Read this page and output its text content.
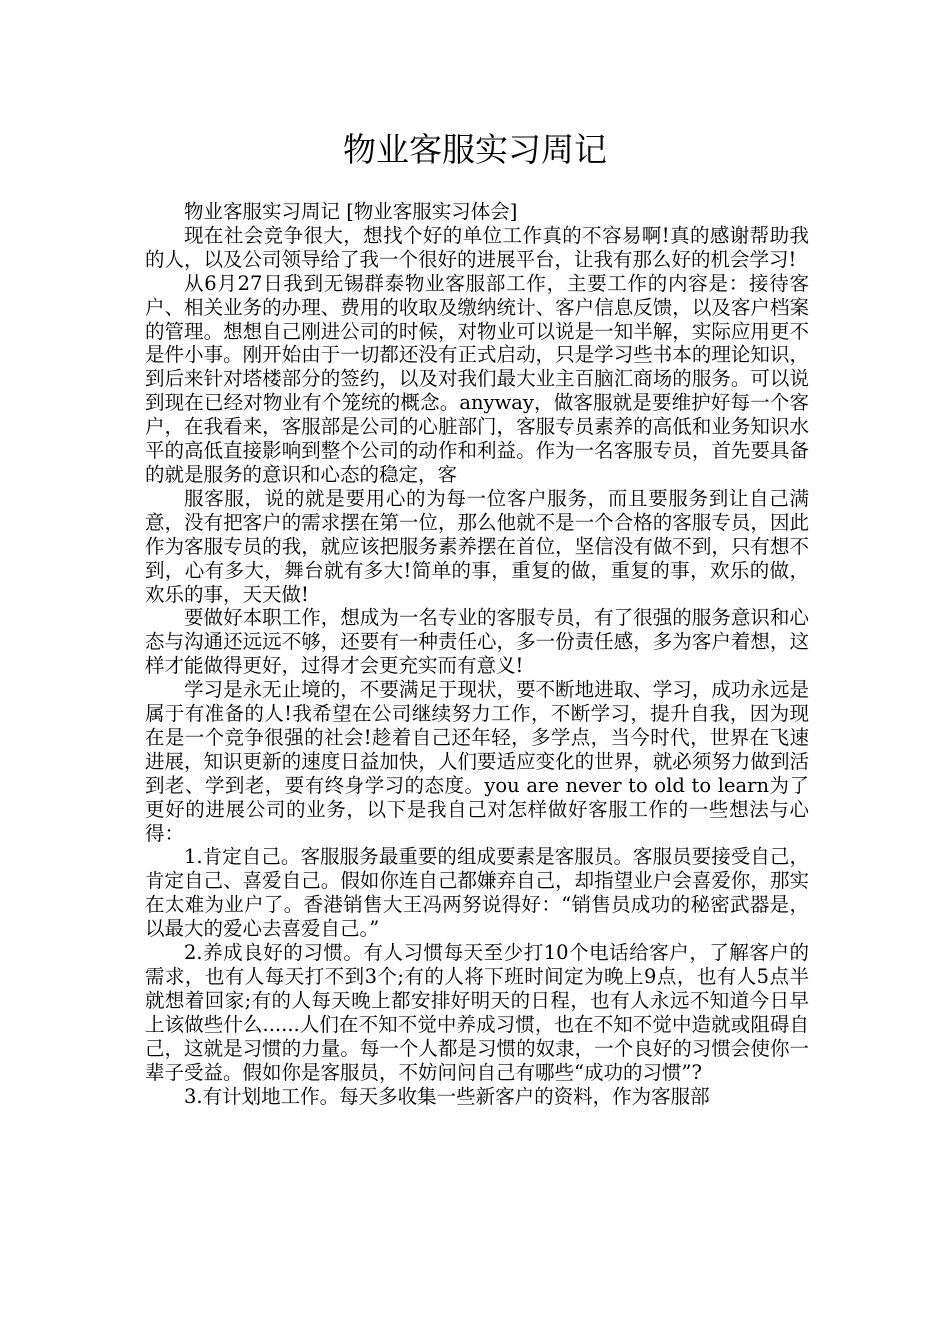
物业客服实习周记

物业客服实习周记 [物业客服实习体会]

现在社会竞争很大，想找个好的单位工作真的不容易啊!真的感谢帮助我的人，以及公司领导给了我一个很好的进展平台，让我有那么好的机会学习!

从6月27日我到无锡群泰物业客服部工作，主要工作的内容是：接待客户、相关业务的办理、费用的收取及缴纳统计、客户信息反馈，以及客户档案的管理。想想自己刚进公司的时候，对物业可以说是一知半解，实际应用更不是件小事。刚开始由于一切都还没有正式启动，只是学习些书本的理论知识，到后来针对塔楼部分的签约，以及对我们最大业主百脑汇商场的服务。可以说到现在已经对物业有个笼统的概念。anyway，做客服就是要维护好每一个客户，在我看来，客服部是公司的心脏部门，客服专员素养的高低和业务知识水平的高低直接影响到整个公司的动作和利益。作为一名客服专员，首先要具备的就是服务的意识和心态的稳定，客

服客服，说的就是要用心的为每一位客户服务，而且要服务到让自己满意，没有把客户的需求摆在第一位，那么他就不是一个合格的客服专员，因此作为客服专员的我，就应该把服务素养摆在首位，坚信没有做不到，只有想不到，心有多大，舞台就有多大!简单的事，重复的做，重复的事，欢乐的做，欢乐的事，天天做!

要做好本职工作，想成为一名专业的客服专员，有了很强的服务意识和心态与沟通还远远不够，还要有一种责任心，多一份责任感，多为客户着想，这样才能做得更好，过得才会更充实而有意义!

学习是永无止境的，不要满足于现状，要不断地进取、学习，成功永远是属于有准备的人!我希望在公司继续努力工作，不断学习，提升自我，因为现在是一个竞争很强的社会!趁着自己还年轻，多学点，当今时代，世界在飞速进展，知识更新的速度日益加快，人们要适应变化的世界，就必须努力做到活到老、学到老，要有终身学习的态度。you are never to old to learn为了更好的进展公司的业务，以下是我自己对怎样做好客服工作的一些想法与心得：

1.肯定自己。客服服务最重要的组成要素是客服员。客服员要接受自己，肯定自己、喜爱自己。假如你连自己都嫌弃自己，却指望业户会喜爱你，那实在太难为业户了。香港销售大王冯两努说得好：“销售员成功的秘密武器是，以最大的爱心去喜爱自己。”

2.养成良好的习惯。有人习惯每天至少打10个电话给客户，了解客户的需求，也有人每天打不到3个;有的人将下班时间定为晚上9点，也有人5点半就想着回家;有的人每天晚上都安排好明天的日程，也有人永远不知道今日早上该做些什么......人们在不知不觉中养成习惯，也在不知不觉中造就或阻碍自己，这就是习惯的力量。每一个人都是习惯的奴隶，一个良好的习惯会使你一辈子受益。假如你是客服员，不妨问问自己有哪些“成功的习惯”?

3.有计划地工作。每天多收集一些新客户的资料，作为客服部
